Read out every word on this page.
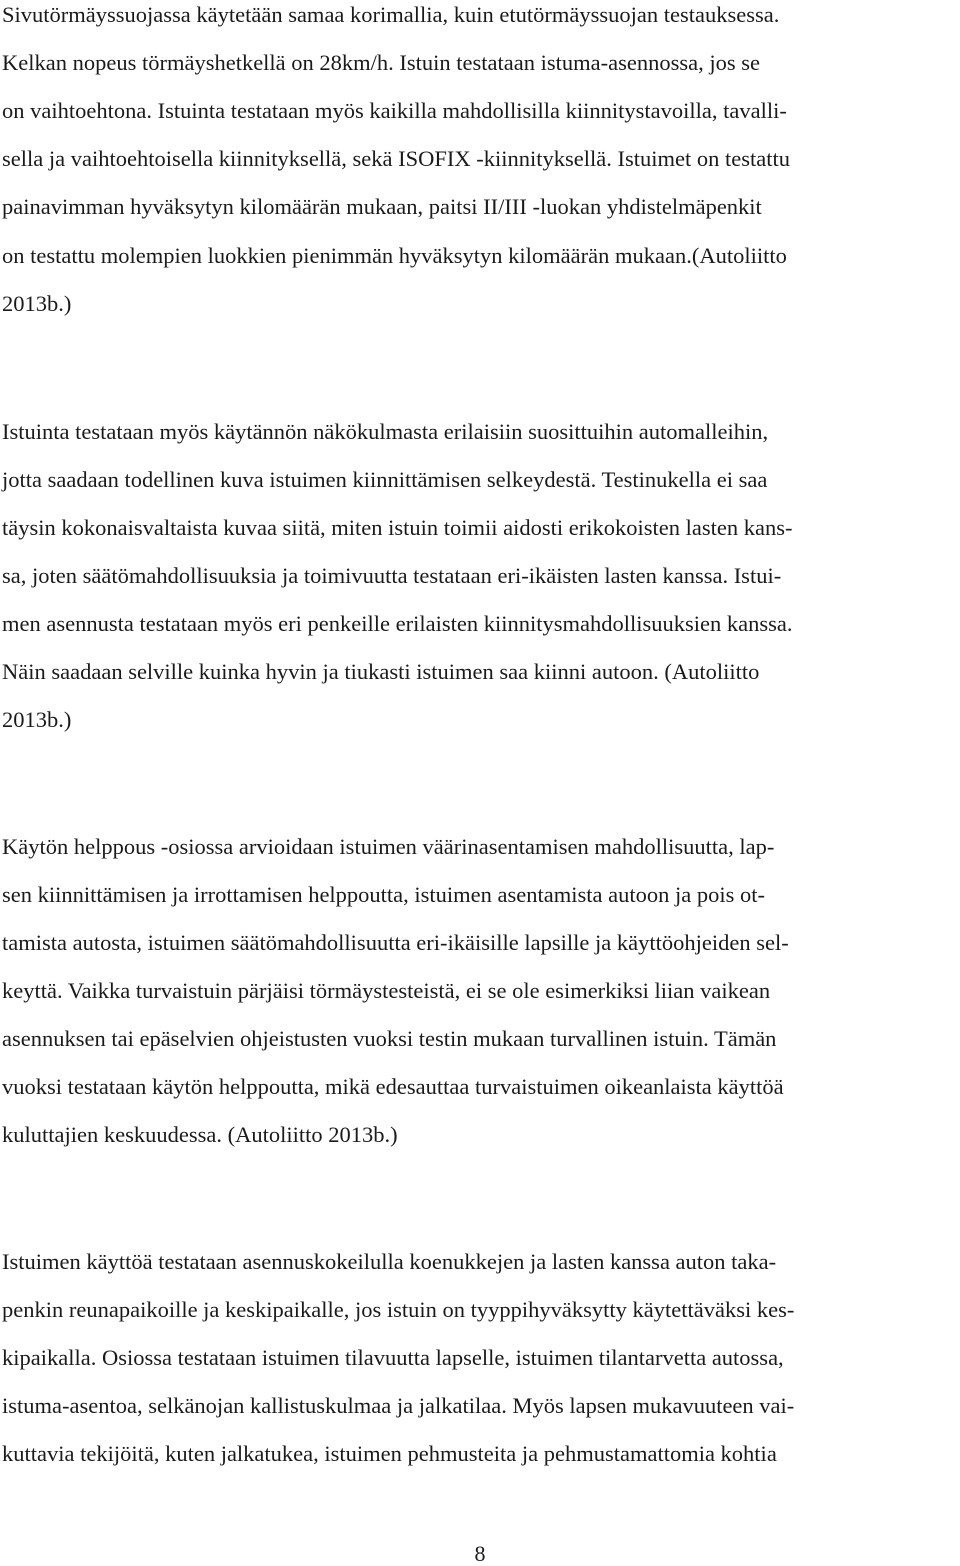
Sivutörmäyssuojassa käytetään samaa korimallia, kuin etutörmäyssuojan testauksessa.
Kelkan nopeus törmäyshetkellä on 28km/h. Istuin testataan istuma-asennossa, jos se
on vaihtoehtona. Istuinta testataan myös kaikilla mahdollisilla kiinnitystavoilla, tavalli-
sella ja vaihtoehtoisella kiinnityksellä, sekä ISOFIX -kiinnityksellä. Istuimet on testattu
painavimman hyväksytyn kilomäärän mukaan, paitsi II/III -luokan yhdistelmäpenkit
on testattu molempien luokkien pienimmän hyväksytyn kilomäärän mukaan.(Autoliitto
2013b.)
Istuinta testataan myös käytännön näkökulmasta erilaisiin suosittuihin automalleihin,
jotta saadaan todellinen kuva istuimen kiinnittämisen selkeydestä. Testinukella ei saa
täysin kokonaisvaltaista kuvaa siitä, miten istuin toimii aidosti erikokoisten lasten kans-
sa, joten säätömahdollisuuksia ja toimivuutta testataan eri-ikäisten lasten kanssa. Istui-
men asennusta testataan myös eri penkeille erilaisten kiinnitysmahdollisuuksien kanssa.
Näin saadaan selville kuinka hyvin ja tiukasti istuimen saa kiinni autoon. (Autoliitto
2013b.)
Käytön helppous -osiossa arvioidaan istuimen väärinasentamisen mahdollisuutta, lap-
sen kiinnittämisen ja irrottamisen helppoutta, istuimen asentamista autoon ja pois ot-
tamista autosta, istuimen säätömahdollisuutta eri-ikäisille lapsille ja käyttöohjeiden sel-
keyttä. Vaikka turvaistuin pärjäisi törmäystesteistä, ei se ole esimerkiksi liian vaikean
asennuksen tai epäselvien ohjeistusten vuoksi testin mukaan turvallinen istuin. Tämän
vuoksi testataan käytön helppoutta, mikä edesauttaa turvaistuimen oikeanlaista käyttöä
kuluttajien keskuudessa. (Autoliitto 2013b.)
Istuimen käyttöä testataan asennuskokeilulla koenukkejen ja lasten kanssa auton taka-
penkin reunapaikoille ja keskipaikalle, jos istuin on tyyppihyväksytty käytettäväksi kes-
kipaikalla. Osiossa testataan istuimen tilavuutta lapselle, istuimen tilantarvetta autossa,
istuma-asentoa, selkänojan kallistuskulmaa ja jalkatilaa. Myös lapsen mukavuuteen vai-
kuttavia tekijöitä, kuten jalkatukea, istuimen pehmusteita ja pehmustamattomia kohtia
8
